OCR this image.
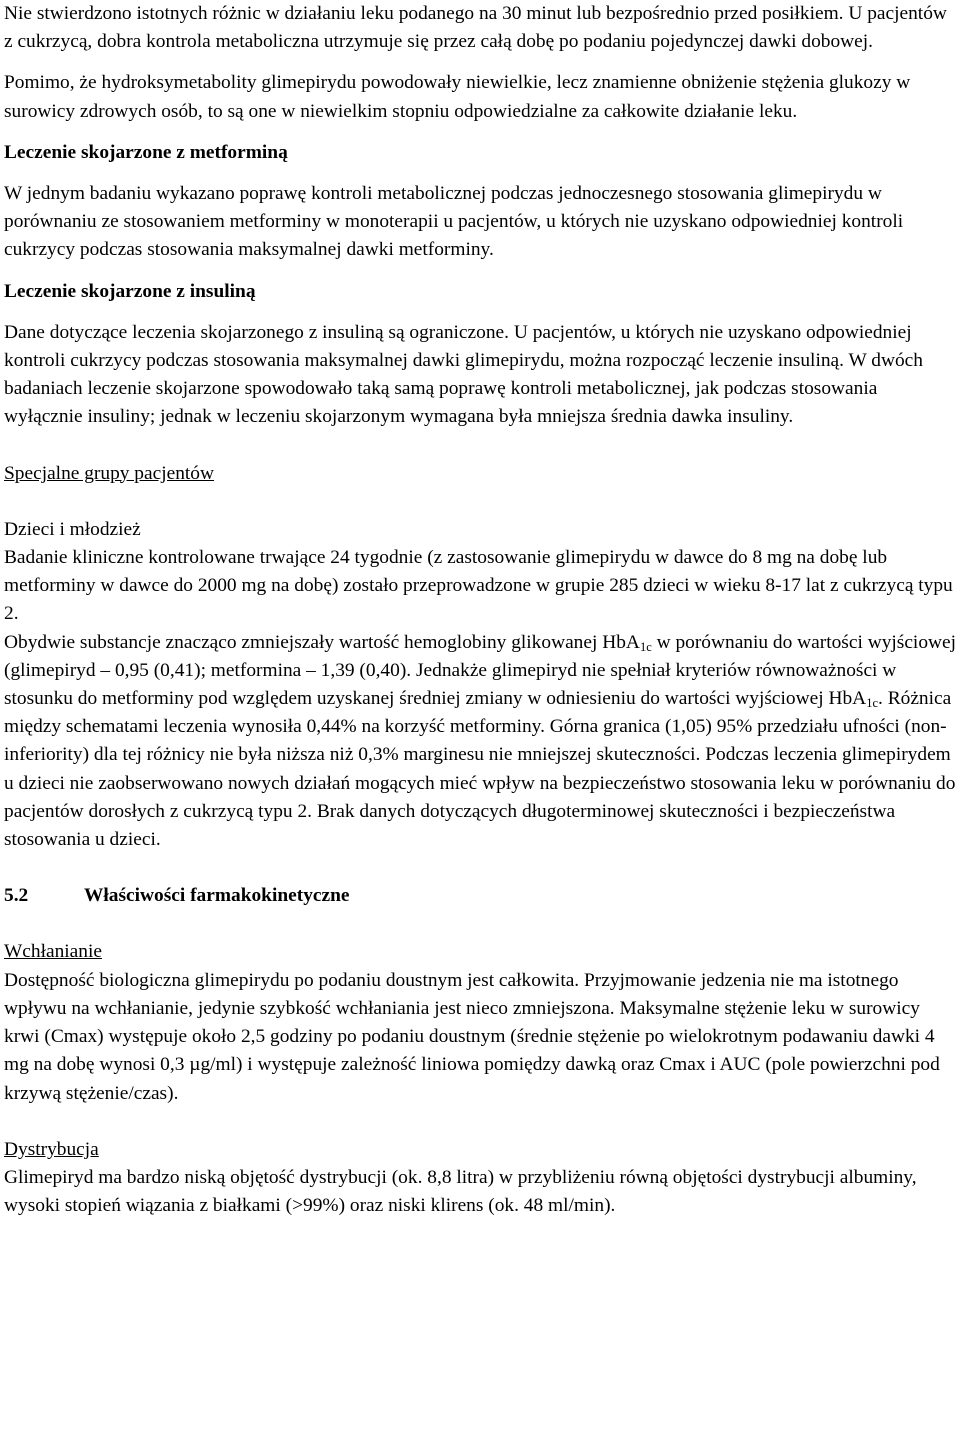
Nie stwierdzono istotnych różnic w działaniu leku podanego na 30 minut lub bezpośrednio przed posiłkiem. U pacjentów z cukrzycą, dobra kontrola metaboliczna utrzymuje się przez całą dobę po podaniu pojedynczej dawki dobowej.

Pomimo, że hydroksymetabolity glimepirydu powodowały niewielkie, lecz znamienne obniżenie stężenia glukozy w surowicy zdrowych osób, to są one w niewielkim stopniu odpowiedzialne za całkowite działanie leku.

Leczenie skojarzone z metforminą

W jednym badaniu wykazano poprawę kontroli metabolicznej podczas jednoczesnego stosowania glimepirydu w porównaniu ze stosowaniem metforminy w monoterapii u pacjentów, u których nie uzyskano odpowiedniej kontroli cukrzycy podczas stosowania maksymalnej dawki metforminy.

Leczenie skojarzone z insuliną

Dane dotyczące leczenia skojarzonego z insuliną są ograniczone. U pacjentów, u których nie uzyskano odpowiedniej kontroli cukrzycy podczas stosowania maksymalnej dawki glimepirydu, można rozpocząć leczenie insuliną. W dwóch badaniach leczenie skojarzone spowodowało taką samą poprawę kontroli metabolicznej, jak podczas stosowania wyłącznie insuliny; jednak w leczeniu skojarzonym wymagana była mniejsza średnia dawka insuliny.

Specjalne grupy pacjentów

Dzieci i młodzież

Badanie kliniczne kontrolowane trwające 24 tygodnie (z zastosowanie glimepirydu w dawce do 8 mg na dobę lub metforminy w dawce do 2000 mg na dobę) zostało przeprowadzone w grupie 285 dzieci w wieku 8-17 lat z cukrzycą typu 2.

Obydwie substancje znacząco zmniejszały wartość hemoglobiny glikowanej HbA$_{1c}$ w porównaniu do wartości wyjściowej (glimepiryd – 0,95 (0,41); metformina – 1,39 (0,40). Jednakże glimepiryd nie spełniał kryteriów równoważności w stosunku do metforminy pod względem uzyskanej średniej zmiany w odniesieniu do wartości wyjściowej HbA$_{1c}$. Różnica między schematami leczenia wynosiła 0,44% na korzyść metforminy. Górna granica (1,05) 95% przedziału ufności (non-inferiority) dla tej różnicy nie była niższa niż 0,3% marginesu nie mniejszej skuteczności. Podczas leczenia glimepirydem u dzieci nie zaobserwowano nowych działań mogących mieć wpływ na bezpieczeństwo stosowania leku w porównaniu do pacjentów dorosłych z cukrzycą typu 2. Brak danych dotyczących długoterminowej skuteczności i bezpieczeństwa stosowania u dzieci.

5.2	Właściwości farmakokinetyczne

Wchłanianie

Dostępność biologiczna glimepirydu po podaniu doustnym jest całkowita. Przyjmowanie jedzenia nie ma istotnego wpływu na wchłanianie, jedynie szybkość wchłaniania jest nieco zmniejszona. Maksymalne stężenie leku w surowicy krwi (Cmax) występuje około 2,5 godziny po podaniu doustnym (średnie stężenie po wielokrotnym podawaniu dawki 4 mg na dobę wynosi 0,3 µg/ml) i występuje zależność liniowa pomiędzy dawką oraz Cmax i AUC (pole powierzchni pod krzywą stężenie/czas).

Dystrybucja

Glimepiryd ma bardzo niską objętość dystrybucji (ok. 8,8 litra) w przybliżeniu równą objętości dystrybucji albuminy, wysoki stopień wiązania z białkami (>99%) oraz niski klirens (ok. 48 ml/min).
